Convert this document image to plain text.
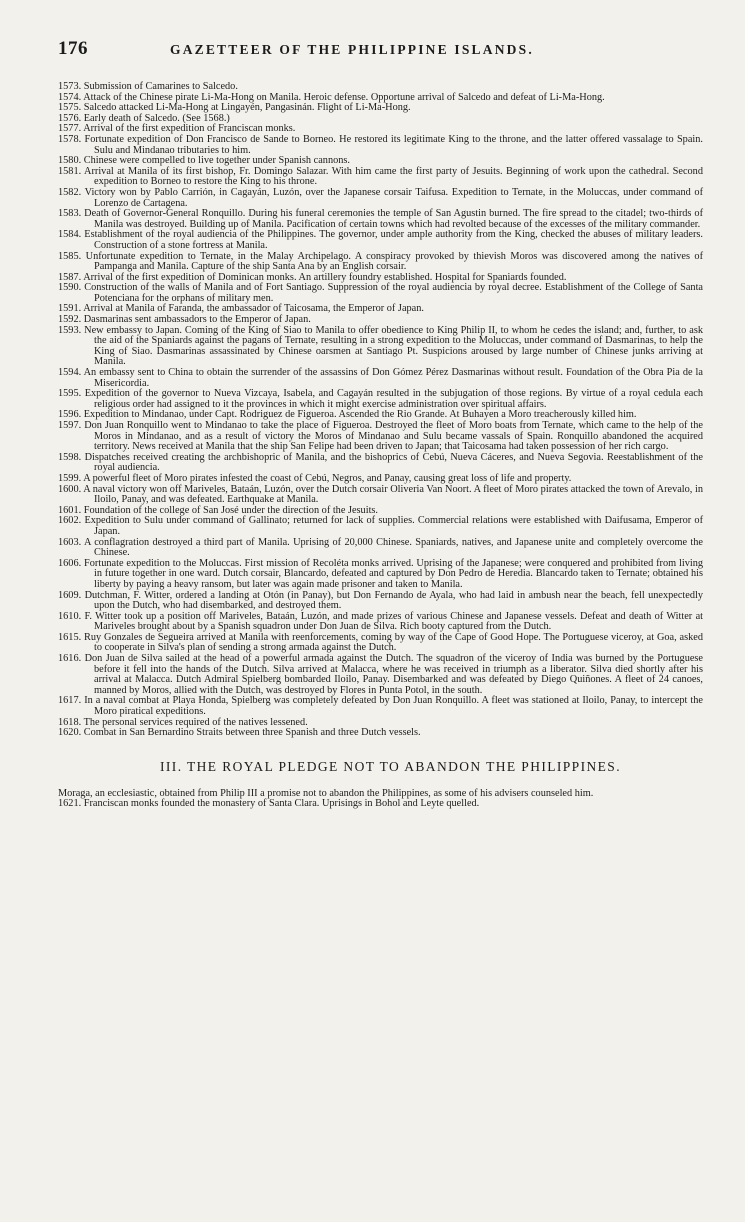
176	GAZETTEER OF THE PHILIPPINE ISLANDS.

1573. Submission of Camarines to Salcedo.

1574. Attack of the Chinese pirate Li-Ma-Hong on Manila. Heroic defense. Opportune arrival of Salcedo and defeat of Li-Ma-Hong.

1575. Salcedo attacked Li-Ma-Hong at Lingayén, Pangasinán. Flight of Li-Ma-Hong.

1576. Early death of Salcedo. (See 1568.)

1577. Arrival of the first expedition of Franciscan monks.

1578. Fortunate expedition of Don Francisco de Sande to Borneo. He restored its legitimate King to the throne, and the latter offered vassalage to Spain. Sulu and Mindanao tributaries to him.

1580. Chinese were compelled to live together under Spanish cannons.

1581. Arrival at Manila of its first bishop, Fr. Domingo Salazar. With him came the first party of Jesuits. Beginning of work upon the cathedral. Second expedition to Borneo to restore the King to his throne.

1582. Victory won by Pablo Carrión, in Cagayán, Luzón, over the Japanese corsair Taifusa. Expedition to Ternate, in the Moluccas, under command of Lorenzo de Cartagena.

1583. Death of Governor-General Ronquillo. During his funeral ceremonies the temple of San Agustin burned. The fire spread to the citadel; two-thirds of Manila was destroyed. Building up of Manila. Pacification of certain towns which had revolted because of the excesses of the military commander.

1584. Establishment of the royal audiencia of the Philippines. The governor, under ample authority from the King, checked the abuses of military leaders. Construction of a stone fortress at Manila.

1585. Unfortunate expedition to Ternate, in the Malay Archipelago. A conspiracy provoked by thievish Moros was discovered among the natives of Pampanga and Manila. Capture of the ship Santa Ana by an English corsair.

1587. Arrival of the first expedition of Dominican monks. An artillery foundry established. Hospital for Spaniards founded.

1590. Construction of the walls of Manila and of Fort Santiago. Suppression of the royal audiencia by royal decree. Establishment of the College of Santa Potenciana for the orphans of military men.

1591. Arrival at Manila of Faranda, the ambassador of Taicosama, the Emperor of Japan.

1592. Dasmarinas sent ambassadors to the Emperor of Japan.

1593. New embassy to Japan. Coming of the King of Siao to Manila to offer obedience to King Philip II, to whom he cedes the island; and, further, to ask the aid of the Spaniards against the pagans of Ternate, resulting in a strong expedition to the Moluccas, under command of Dasmarinas, to help the King of Siao. Dasmarinas assassinated by Chinese oarsmen at Santiago Pt. Suspicions aroused by large number of Chinese junks arriving at Manila.

1594. An embassy sent to China to obtain the surrender of the assassins of Don Gómez Pérez Dasmarinas without result. Foundation of the Obra Pia de la Misericordia.

1595. Expedition of the governor to Nueva Vizcaya, Isabela, and Cagayán resulted in the subjugation of those regions. By virtue of a royal cedula each religious order had assigned to it the provinces in which it might exercise administration over spiritual affairs.

1596. Expedition to Mindanao, under Capt. Rodriguez de Figueroa. Ascended the Rio Grande. At Buhayen a Moro treacherously killed him.

1597. Don Juan Ronquillo went to Mindanao to take the place of Figueroa. Destroyed the fleet of Moro boats from Ternate, which came to the help of the Moros in Mindanao, and as a result of victory the Moros of Mindanao and Sulu became vassals of Spain. Ronquillo abandoned the acquired territory. News received at Manila that the ship San Felipe had been driven to Japan; that Taicosama had taken possession of her rich cargo.

1598. Dispatches received creating the archbishopric of Manila, and the bishoprics of Cebú, Nueva Cáceres, and Nueva Segovia. Reestablishment of the royal audiencia.

1599. A powerful fleet of Moro pirates infested the coast of Cebú, Negros, and Panay, causing great loss of life and property.

1600. A naval victory won off Mariveles, Bataán, Luzón, over the Dutch corsair Oliveria Van Noort. A fleet of Moro pirates attacked the town of Arevalo, in Iloilo, Panay, and was defeated. Earthquake at Manila.

1601. Foundation of the college of San José under the direction of the Jesuits.

1602. Expedition to Sulu under command of Gallinato; returned for lack of supplies. Commercial relations were established with Daifusama, Emperor of Japan.

1603. A conflagration destroyed a third part of Manila. Uprising of 20,000 Chinese. Spaniards, natives, and Japanese unite and completely overcome the Chinese.

1606. Fortunate expedition to the Moluccas. First mission of Recoléta monks arrived. Uprising of the Japanese; were conquered and prohibited from living in future together in one ward. Dutch corsair, Blancardo, defeated and captured by Don Pedro de Heredia. Blancardo taken to Ternate; obtained his liberty by paying a heavy ransom, but later was again made prisoner and taken to Manila.

1609. Dutchman, F. Witter, ordered a landing at Otón (in Panay), but Don Fernando de Ayala, who had laid in ambush near the beach, fell unexpectedly upon the Dutch, who had disembarked, and destroyed them.

1610. F. Witter took up a position off Mariveles, Bataán, Luzón, and made prizes of various Chinese and Japanese vessels. Defeat and death of Witter at Mariveles brought about by a Spanish squadron under Don Juan de Silva. Rich booty captured from the Dutch.

1615. Ruy Gonzales de Segueira arrived at Manila with reenforcements, coming by way of the Cape of Good Hope. The Portuguese viceroy, at Goa, asked to cooperate in Silva's plan of sending a strong armada against the Dutch.

1616. Don Juan de Silva sailed at the head of a powerful armada against the Dutch. The squadron of the viceroy of India was burned by the Portuguese before it fell into the hands of the Dutch. Silva arrived at Malacca, where he was received in triumph as a liberator. Silva died shortly after his arrival at Malacca. Dutch Admiral Spielberg bombarded Iloilo, Panay. Disembarked and was defeated by Diego Quiñones. A fleet of 24 canoes, manned by Moros, allied with the Dutch, was destroyed by Flores in Punta Potol, in the south.

1617. In a naval combat at Playa Honda, Spielberg was completely defeated by Don Juan Ronquillo. A fleet was stationed at Iloilo, Panay, to intercept the Moro piratical expeditions.

1618. The personal services required of the natives lessened.

1620. Combat in San Bernardino Straits between three Spanish and three Dutch vessels.

III. THE ROYAL PLEDGE NOT TO ABANDON THE PHILIPPINES.

Moraga, an ecclesiastic, obtained from Philip III a promise not to abandon the Philippines, as some of his advisers counseled him.

1621. Franciscan monks founded the monastery of Santa Clara. Uprisings in Bohol and Leyte quelled.
